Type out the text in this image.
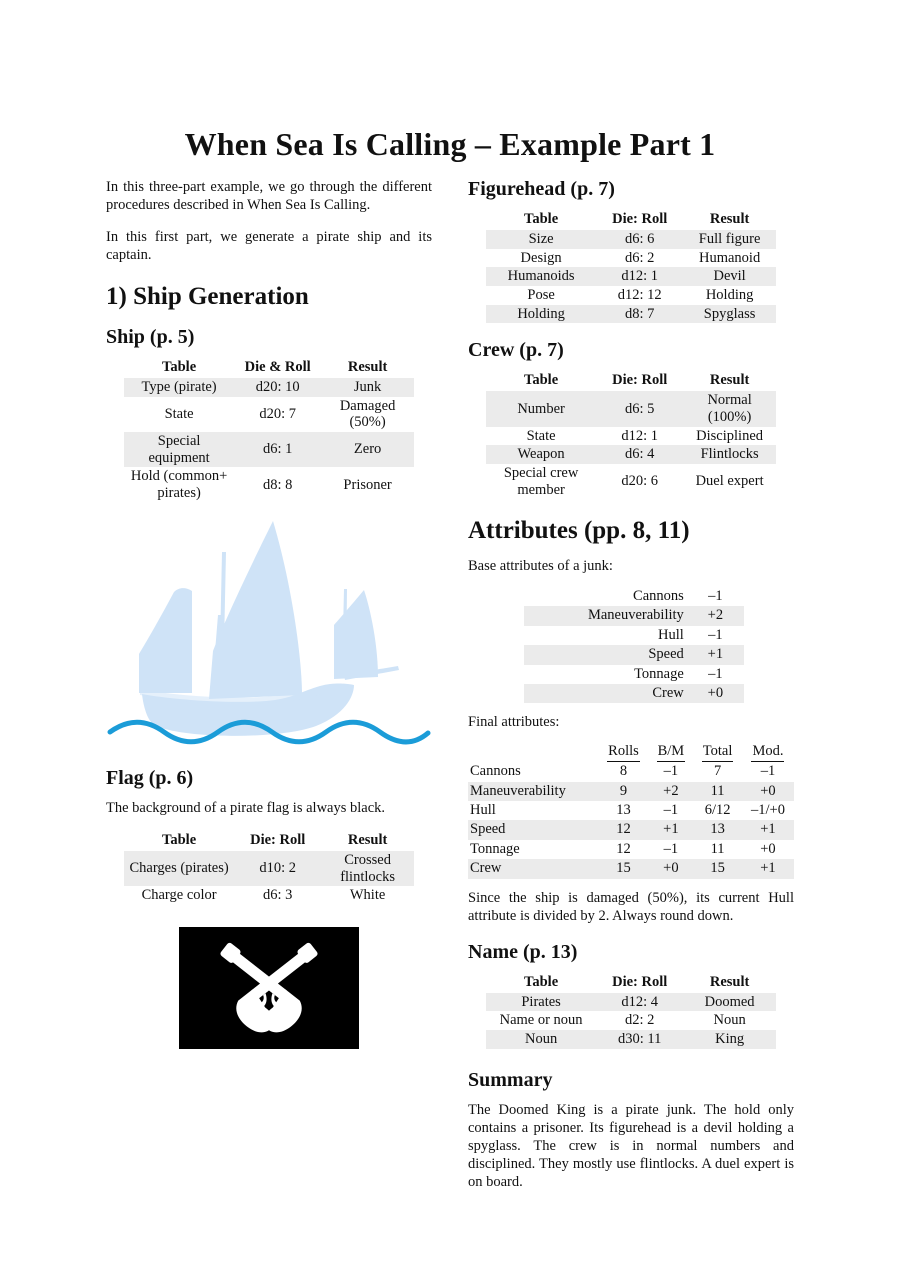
When Sea Is Calling – Example Part 1

In this three-part example, we go through the different procedures described in When Sea Is Calling.

In this first part, we generate a pirate ship and its captain.

1) Ship Generation
Ship (p. 5)
Table	Die & Roll	Result
Type (pirate)	d20: 10	Junk
State	d20: 7	Damaged (50%)
Special equipment	d6: 1	Zero
Hold (common+ pirates)	d8: 8	Prisoner
Flag (p. 6)

The background of a pirate flag is always black.

Table	Die: Roll	Result
Charges (pirates)	d10: 2	Crossed flintlocks
Charge color	d6: 3	White
Figurehead (p. 7)
Table	Die: Roll	Result
Size	d6: 6	Full figure
Design	d6: 2	Humanoid
Humanoids	d12: 1	Devil
Pose	d12: 12	Holding
Holding	d8: 7	Spyglass
Crew (p. 7)
Table	Die: Roll	Result
Number	d6: 5	Normal (100%)
State	d12: 1	Disciplined
Weapon	d6: 4	Flintlocks
Special crew member	d20: 6	Duel expert
Attributes (pp. 8, 11)

Base attributes of a junk:

Cannons	–1
Maneuverability	+2
Hull	–1
Speed	+1
Tonnage	–1
Crew	+0

Final attributes:

	Rolls	B/M	Total	Mod.
Cannons	8	–1	7	–1
Maneuverability	9	+2	11	+0
Hull	13	–1	6/12	–1/+0
Speed	12	+1	13	+1
Tonnage	12	–1	11	+0
Crew	15	+0	15	+1

Since the ship is damaged (50%), its current Hull attribute is divided by 2. Always round down.

Name (p. 13)
Table	Die: Roll	Result
Pirates	d12: 4	Doomed
Name or noun	d2: 2	Noun
Noun	d30: 11	King
Summary

The Doomed King is a pirate junk. The hold only contains a prisoner. Its figurehead is a devil holding a spyglass. The crew is in normal numbers and disciplined. They mostly use flintlocks. A duel expert is on board.
